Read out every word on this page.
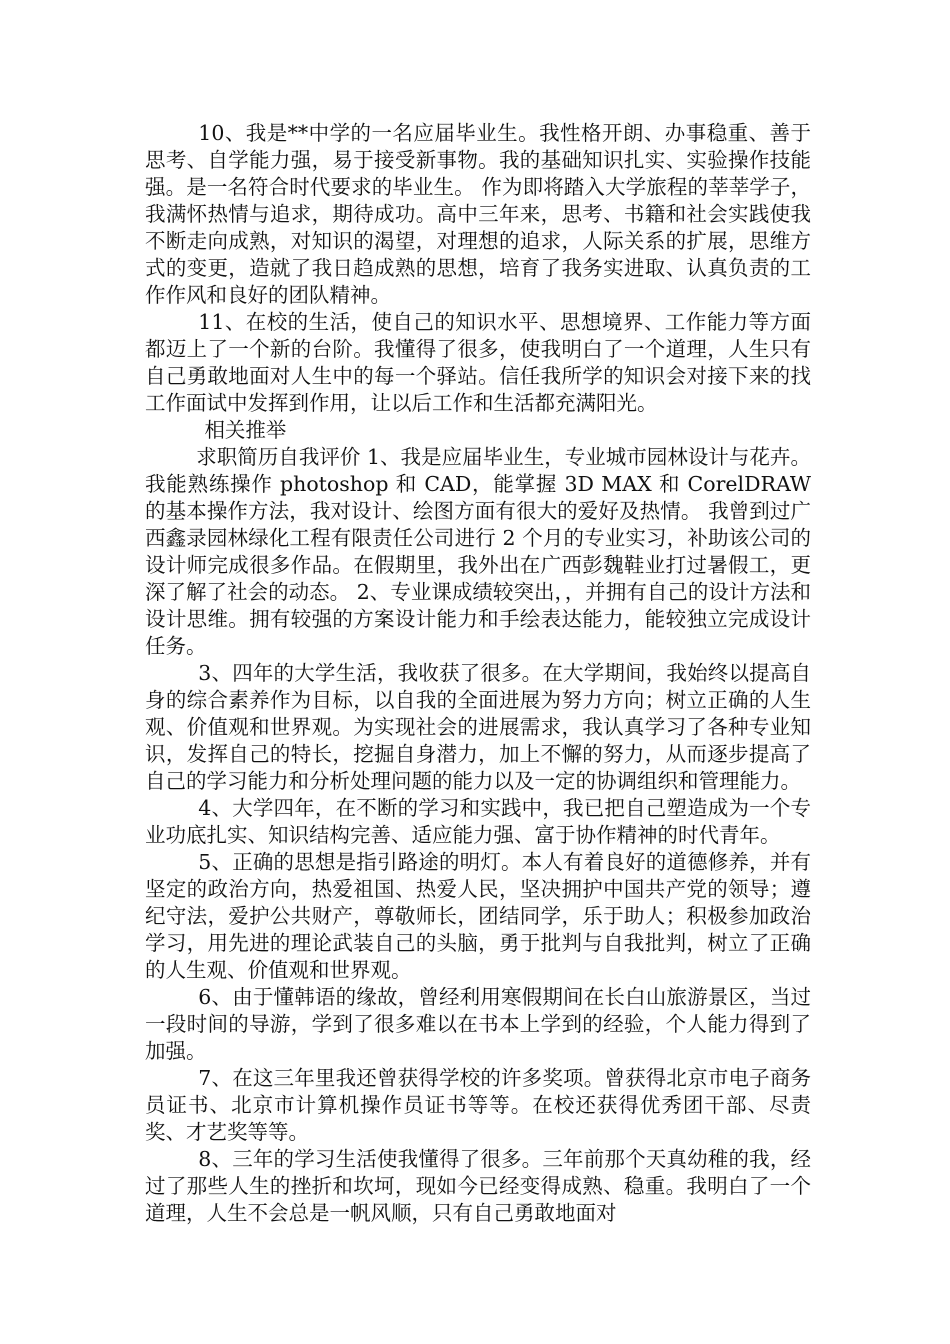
10、我是**中学的一名应届毕业生。我性格开朗、办事稳重、善于思考、自学能力强，易于接受新事物。我的基础知识扎实、实验操作技能强。是一名符合时代要求的毕业生。 作为即将踏入大学旅程的莘莘学子，我满怀热情与追求，期待成功。高中三年来，思考、书籍和社会实践使我不断走向成熟，对知识的渴望，对理想的追求，人际关系的扩展，思维方式的变更，造就了我日趋成熟的思想，培育了我务实进取、认真负责的工作作风和良好的团队精神。

11、在校的生活，使自己的知识水平、思想境界、工作能力等方面都迈上了一个新的台阶。我懂得了很多，使我明白了一个道理，人生只有自己勇敢地面对人生中的每一个驿站。信任我所学的知识会对接下来的找工作面试中发挥到作用，让以后工作和生活都充满阳光。

相关推举

求职简历自我评价 1、我是应届毕业生，专业城市园林设计与花卉。我能熟练操作 photoshop 和 CAD，能掌握 3D MAX 和 CorelDRAW 的基本操作方法，我对设计、绘图方面有很大的爱好及热情。 我曾到过广西鑫录园林绿化工程有限责任公司进行 2 个月的专业实习，补助该公司的设计师完成很多作品。在假期里，我外出在广西彭魏鞋业打过暑假工，更深了解了社会的动态。 2、专业课成绩较突出，，并拥有自己的设计方法和设计思维。拥有较强的方案设计能力和手绘表达能力，能较独立完成设计任务。

3、四年的大学生活，我收获了很多。在大学期间，我始终以提高自身的综合素养作为目标，以自我的全面进展为努力方向；树立正确的人生观、价值观和世界观。为实现社会的进展需求，我认真学习了各种专业知识，发挥自己的特长，挖掘自身潜力，加上不懈的努力，从而逐步提高了自己的学习能力和分析处理问题的能力以及一定的协调组织和管理能力。

4、大学四年，在不断的学习和实践中，我已把自己塑造成为一个专业功底扎实、知识结构完善、适应能力强、富于协作精神的时代青年。

5、正确的思想是指引路途的明灯。本人有着良好的道德修养，并有坚定的政治方向，热爱祖国、热爱人民，坚决拥护中国共产党的领导；遵纪守法，爱护公共财产，尊敬师长，团结同学，乐于助人；积极参加政治学习，用先进的理论武装自己的头脑，勇于批判与自我批判，树立了正确的人生观、价值观和世界观。

6、由于懂韩语的缘故，曾经利用寒假期间在长白山旅游景区，当过一段时间的导游，学到了很多难以在书本上学到的经验，个人能力得到了加强。

7、在这三年里我还曾获得学校的许多奖项。曾获得北京市电子商务员证书、北京市计算机操作员证书等等。在校还获得优秀团干部、尽责奖、才艺奖等等。

8、三年的学习生活使我懂得了很多。三年前那个天真幼稚的我，经过了那些人生的挫折和坎坷，现如今已经变得成熟、稳重。我明白了一个道理，人生不会总是一帆风顺，只有自己勇敢地面对
